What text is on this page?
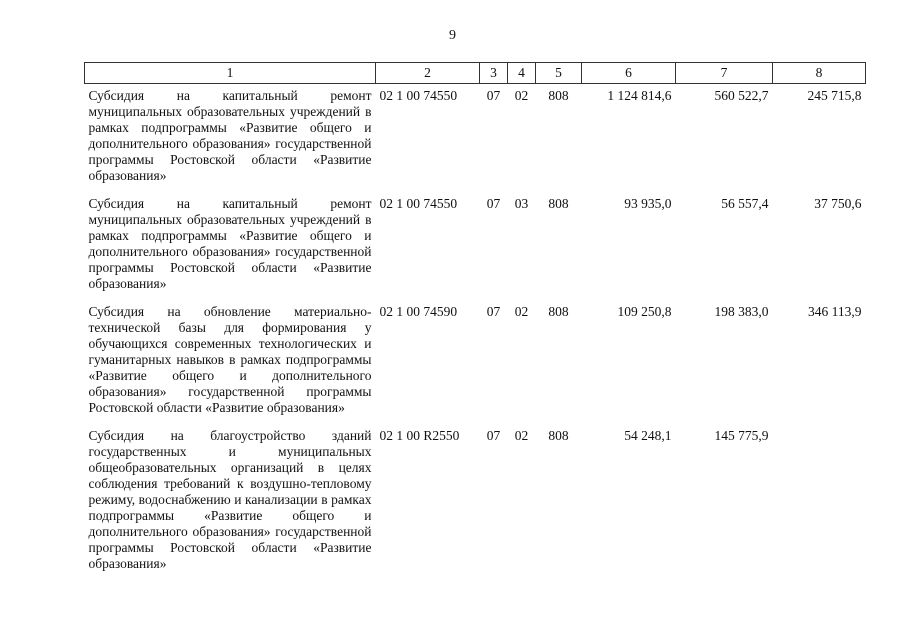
9
1	2	3	4	5	6	7	8
Субсидия на капитальный ремонт муниципальных образовательных учреждений в рамках подпрограммы «Развитие общего и дополнительного образования» государственной программы Ростовской области «Развитие образования»	02 1 00 74550	07	02	808	1 124 814,6	560 522,7	245 715,8
Субсидия на капитальный ремонт муниципальных образовательных учреждений в рамках подпрограммы «Развитие общего и дополнительного образования» государственной программы Ростовской области «Развитие образования»	02 1 00 74550	07	03	808	93 935,0	56 557,4	37 750,6
Субсидия на обновление материально-технической базы для формирования у обучающихся современных технологических и гуманитарных навыков в рамках подпрограммы «Развитие общего и дополнительного образования» государственной программы Ростовской области «Развитие образования»	02 1 00 74590	07	02	808	109 250,8	198 383,0	346 113,9
Субсидия на благоустройство зданий государственных и муниципальных общеобразовательных организаций в целях соблюдения требований к воздушно-тепловому режиму, водоснабжению и канализации в рамках подпрограммы «Развитие общего и дополнительного образования» государственной программы Ростовской области «Развитие образования»	02 1 00 R2550	07	02	808	54 248,1	145 775,9	
